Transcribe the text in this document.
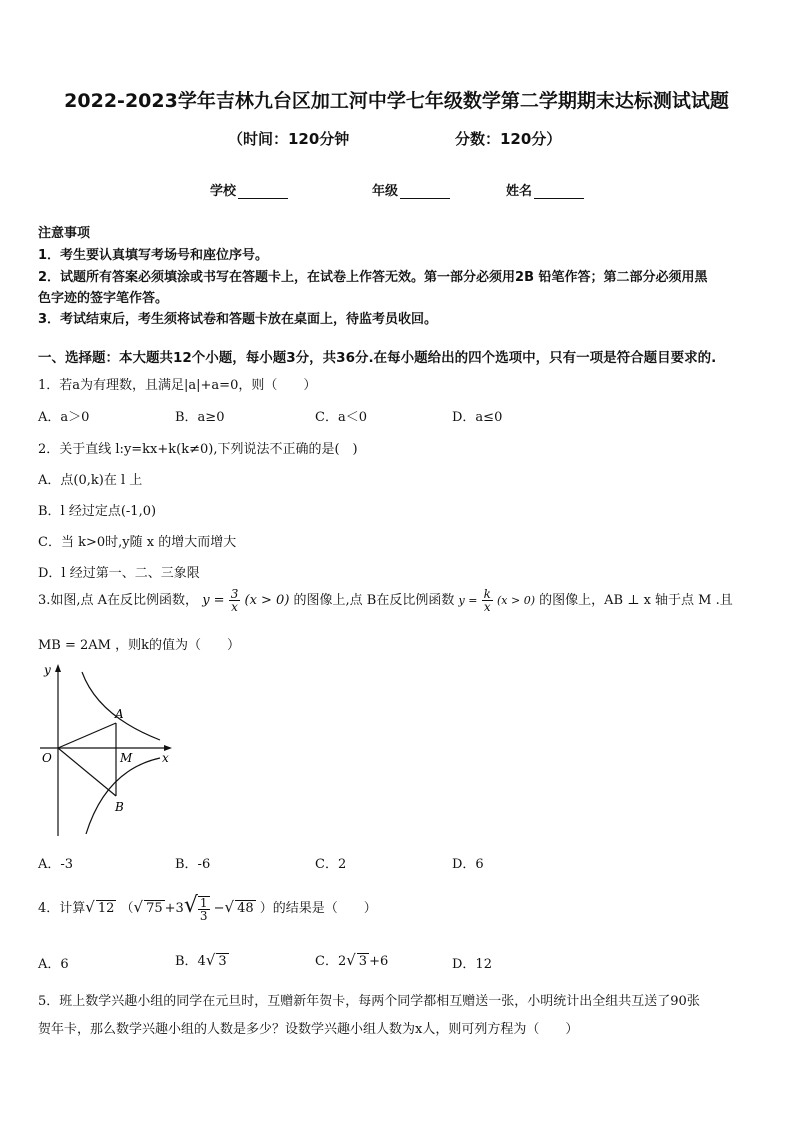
2022-2023学年吉林九台区加工河中学七年级数学第二学期期末达标测试试题
（时间：120分钟	分数：120分）
学校	年级	姓名
注意事项
1．考生要认真填写考场号和座位序号。
2．试题所有答案必须填涂或书写在答题卡上，在试卷上作答无效。第一部分必须用2B 铅笔作答；第二部分必须用黑
色字迹的签字笔作答。
3．考试结束后，考生须将试卷和答题卡放在桌面上，待监考员收回。
一、选择题：本大题共12个小题，每小题3分，共36分.在每小题给出的四个选项中，只有一项是符合题目要求的.
1．若a为有理数，且满足|a|+a=0，则（　　）
A．a＞0	B．a≥0	C．a＜0	D．a≤0
2．关于直线 l:y=kx+k(k≠0),下列说法不正确的是(　)
A．点(0,k)在 l 上
B．l 经过定点(-1,0)
C．当 k>0时,y随 x 的增大而增大
D．l 经过第一、二、三象限
3.如图,点 A在反比例函数， $y = \frac{3}{x} (x > 0)$ 的图像上,点 B在反比例函数 $y = \frac{k}{x} (x > 0)$ 的图像上，AB ⊥ x 轴于点 M .且
MB = 2AM ，则k的值为（　　）
y
x
O
A
M
B
A．-3	B．-6	C．2	D．6
4．计算√ 12 （√ $75 +3√ \frac{1}{3}$ −√ 48 ）的结果是（　　）
A．6	B．4√ 3	C．2√ 3 +6	D．12
5．班上数学兴趣小组的同学在元旦时，互赠新年贺卡，每两个同学都相互赠送一张，小明统计出全组共互送了90张
贺年卡，那么数学兴趣小组的人数是多少？设数学兴趣小组人数为x人，则可列方程为（　　）
